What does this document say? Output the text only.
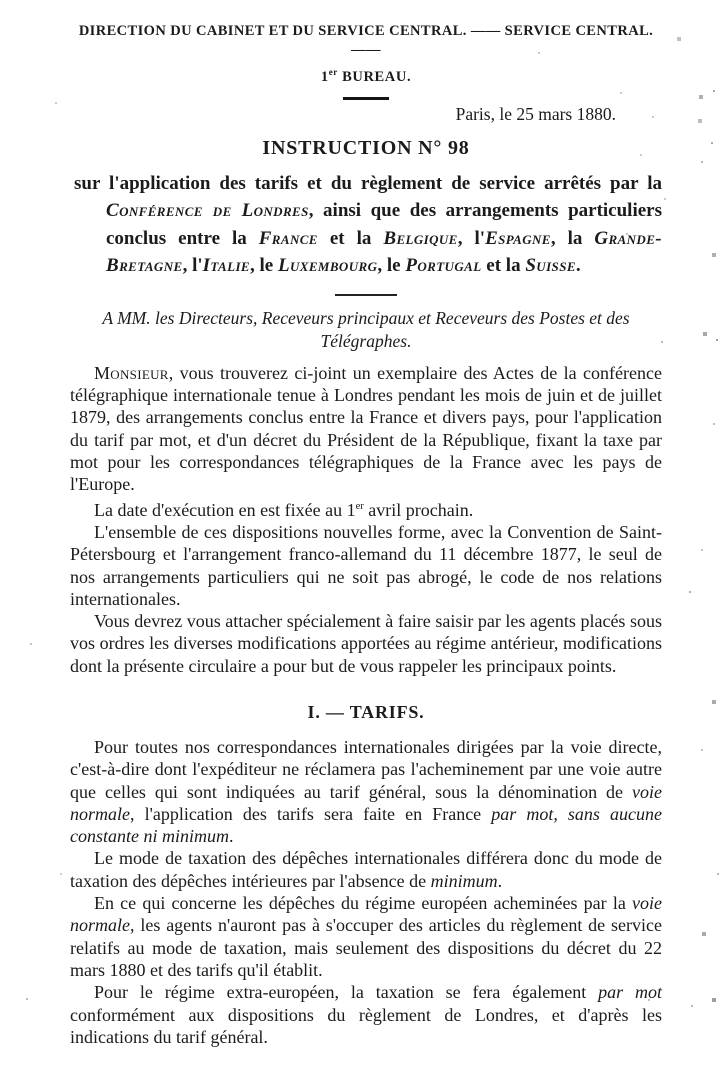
DIRECTION DU CABINET ET DU SERVICE CENTRAL. —— SERVICE CENTRAL. ——
1er BUREAU.
Paris, le 25 mars 1880.
INSTRUCTION N° 98

sur l'application des tarifs et du règlement de service arrêtés par la Conférence de Londres, ainsi que des arrangements particuliers conclus entre la France et la Belgique, l'Espagne, la Grande-Bretagne, l'Italie, le Luxembourg, le Portugal et la Suisse.

A MM. les Directeurs, Receveurs principaux et Receveurs des Postes et des Télégraphes.

Monsieur, vous trouverez ci-joint un exemplaire des Actes de la conférence télégraphique internationale tenue à Londres pendant les mois de juin et de juillet 1879, des arrangements conclus entre la France et divers pays, pour l'application du tarif par mot, et d'un décret du Président de la République, fixant la taxe par mot pour les correspondances télégraphiques de la France avec les pays de l'Europe.

La date d'exécution en est fixée au 1er avril prochain.

L'ensemble de ces dispositions nouvelles forme, avec la Convention de Saint-Pétersbourg et l'arrangement franco-allemand du 11 décembre 1877, le seul de nos arrangements particuliers qui ne soit pas abrogé, le code de nos relations internationales.

Vous devrez vous attacher spécialement à faire saisir par les agents placés sous vos ordres les diverses modifications apportées au régime antérieur, modifications dont la présente circulaire a pour but de vous rappeler les principaux points.

I. — TARIFS.

Pour toutes nos correspondances internationales dirigées par la voie directe, c'est-à-dire dont l'expéditeur ne réclamera pas l'acheminement par une voie autre que celles qui sont indiquées au tarif général, sous la dénomination de voie normale, l'application des tarifs sera faite en France par mot, sans aucune constante ni minimum.

Le mode de taxation des dépêches internationales différera donc du mode de taxation des dépêches intérieures par l'absence de minimum.

En ce qui concerne les dépêches du régime européen acheminées par la voie normale, les agents n'auront pas à s'occuper des articles du règlement de service relatifs au mode de taxation, mais seulement des dispositions du décret du 22 mars 1880 et des tarifs qu'il établit.

Pour le régime extra-européen, la taxation se fera également par mot conformément aux dispositions du règlement de Londres, et d'après les indications du tarif général.
